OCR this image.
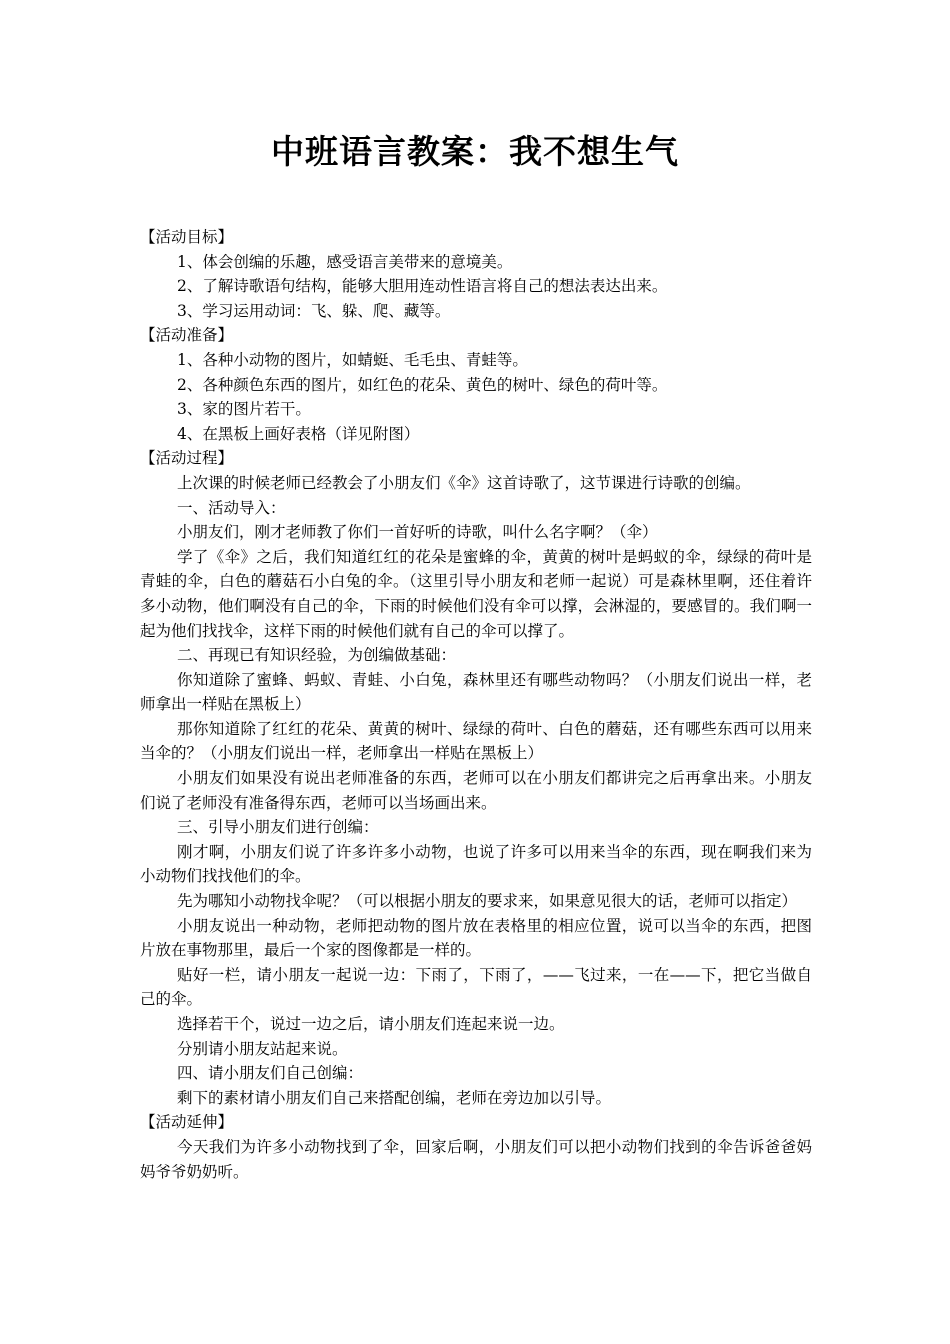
中班语言教案：我不想生气

【活动目标】

1、体会创编的乐趣，感受语言美带来的意境美。

2、了解诗歌语句结构，能够大胆用连动性语言将自己的想法表达出来。

3、学习运用动词：飞、躲、爬、藏等。

【活动准备】

1、各种小动物的图片，如蜻蜓、毛毛虫、青蛙等。

2、各种颜色东西的图片，如红色的花朵、黄色的树叶、绿色的荷叶等。

3、家的图片若干。

4、在黑板上画好表格（详见附图）

【活动过程】

上次课的时候老师已经教会了小朋友们《伞》这首诗歌了，这节课进行诗歌的创编。

一、活动导入：

小朋友们，刚才老师教了你们一首好听的诗歌，叫什么名字啊？（伞）

学了《伞》之后，我们知道红红的花朵是蜜蜂的伞，黄黄的树叶是蚂蚁的伞，绿绿的荷叶是青蛙的伞，白色的蘑菇石小白兔的伞。（这里引导小朋友和老师一起说）可是森林里啊，还住着许多小动物，他们啊没有自己的伞，下雨的时候他们没有伞可以撑，会淋湿的，要感冒的。我们啊一起为他们找找伞，这样下雨的时候他们就有自己的伞可以撑了。

二、再现已有知识经验，为创编做基础：

你知道除了蜜蜂、蚂蚁、青蛙、小白兔，森林里还有哪些动物吗？（小朋友们说出一样，老师拿出一样贴在黑板上）

那你知道除了红红的花朵、黄黄的树叶、绿绿的荷叶、白色的蘑菇，还有哪些东西可以用来当伞的？（小朋友们说出一样，老师拿出一样贴在黑板上）

小朋友们如果没有说出老师准备的东西，老师可以在小朋友们都讲完之后再拿出来。小朋友们说了老师没有准备得东西，老师可以当场画出来。

三、引导小朋友们进行创编：

刚才啊，小朋友们说了许多许多小动物，也说了许多可以用来当伞的东西，现在啊我们来为小动物们找找他们的伞。

先为哪知小动物找伞呢？（可以根据小朋友的要求来，如果意见很大的话，老师可以指定）

小朋友说出一种动物，老师把动物的图片放在表格里的相应位置，说可以当伞的东西，把图片放在事物那里，最后一个家的图像都是一样的。

贴好一栏，请小朋友一起说一边：下雨了，下雨了，——飞过来，一在——下，把它当做自己的伞。

选择若干个，说过一边之后，请小朋友们连起来说一边。

分别请小朋友站起来说。

四、请小朋友们自己创编：

剩下的素材请小朋友们自己来搭配创编，老师在旁边加以引导。

【活动延伸】

今天我们为许多小动物找到了伞，回家后啊，小朋友们可以把小动物们找到的伞告诉爸爸妈妈爷爷奶奶听。
